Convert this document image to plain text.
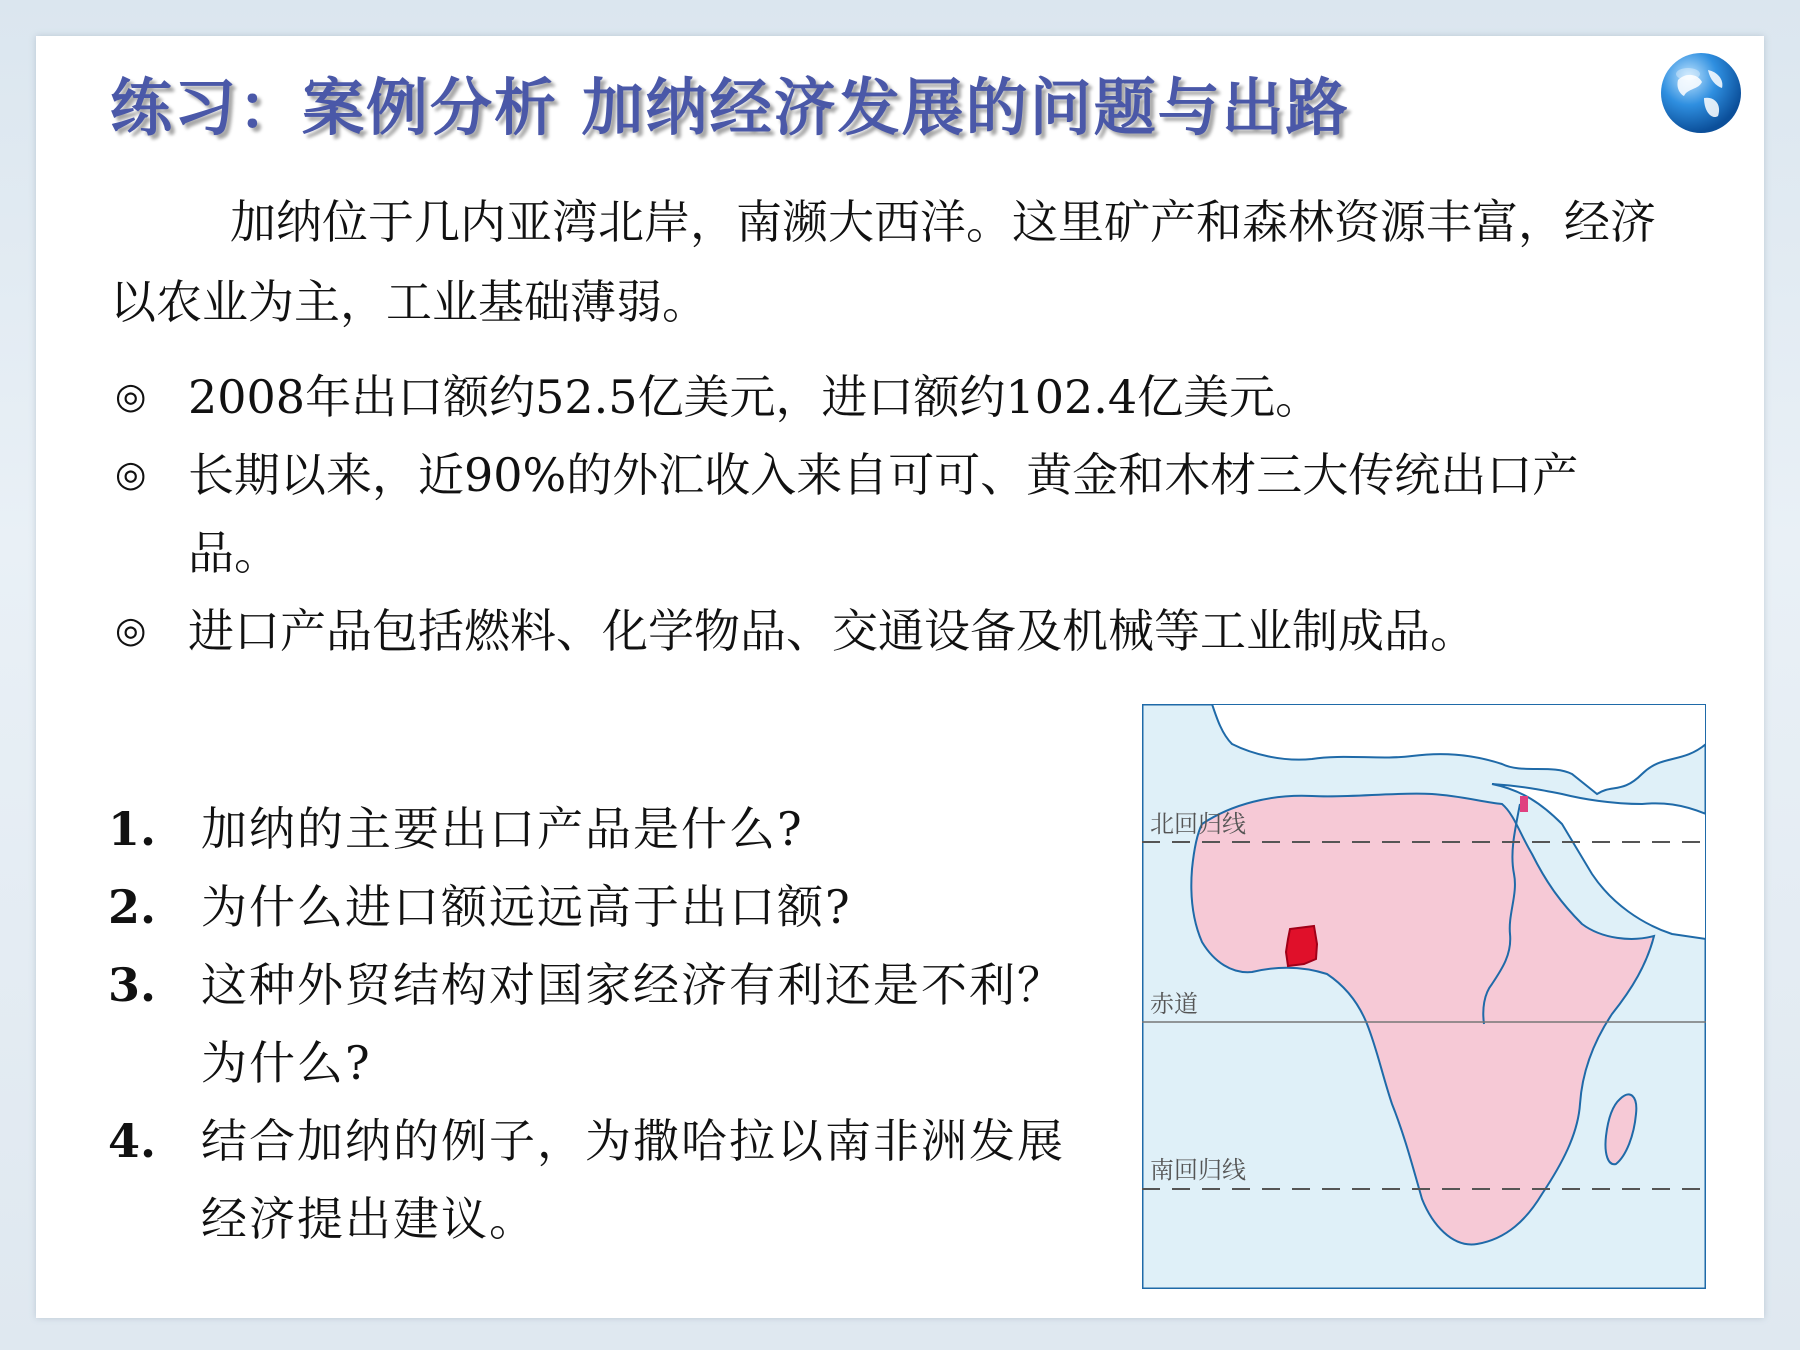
练习：案例分析 加纳经济发展的问题与出路
加纳位于几内亚湾北岸，南濒大西洋。这里矿产和森林资源丰富，经济以农业为主，工业基础薄弱。
◎ 2008年出口额约52.5亿美元，进口额约102.4亿美元。
◎ 长期以来，近90%的外汇收入来自可可、黄金和木材三大传统出口产品。
◎ 进口产品包括燃料、化学物品、交通设备及机械等工业制成品。
1. 加纳的主要出口产品是什么?
2. 为什么进口额远远高于出口额?
3. 这种外贸结构对国家经济有利还是不利？为什么?
4. 结合加纳的例子，为撒哈拉以南非洲发展经济提出建议。
北回归线
赤道
南回归线
